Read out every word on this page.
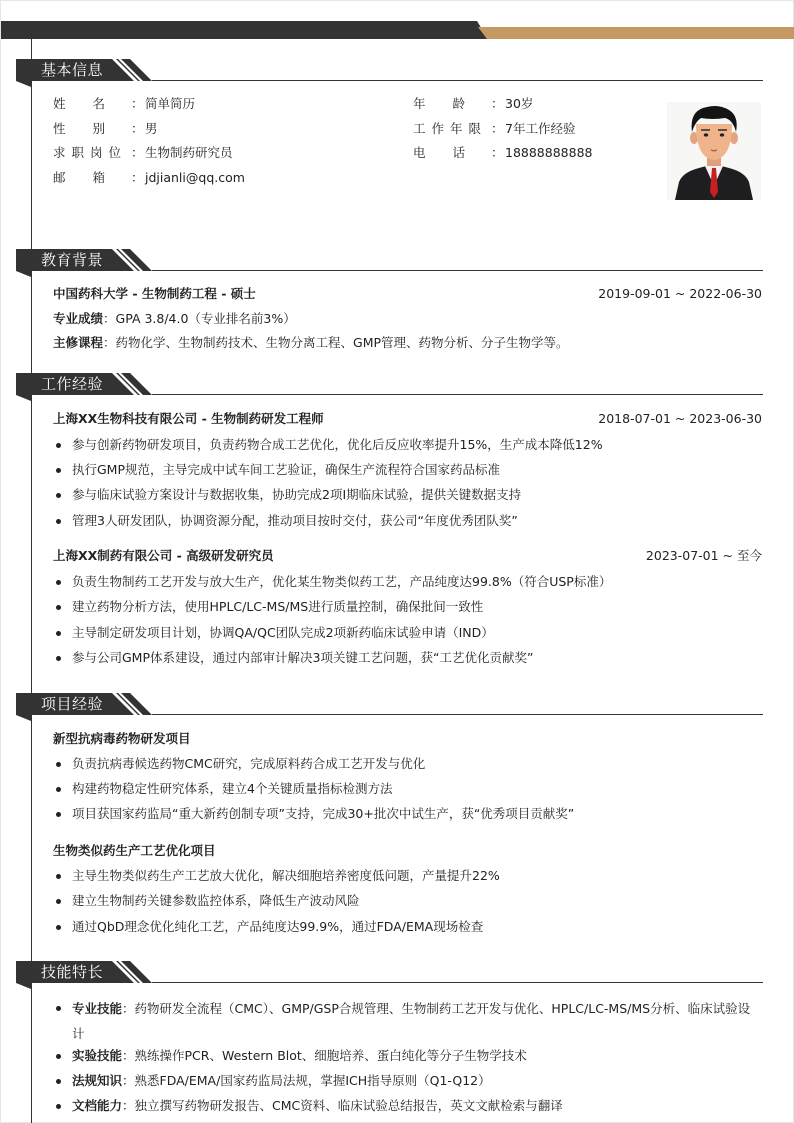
基本信息
姓 名	： 简单简历
性 别	： 男
求 职 岗 位 ： 生物制药研究员
邮 箱	： jdjianli@qq.com
年 龄	： 30岁
工 作 年 限 ： 7年工作经验
电 话	： 18888888888
教育背景
中国药科大学 - 生物制药工程 - 硕士	2019-09-01 ~ 2022-06-30
专业成绩：GPA 3.8/4.0（专业排名前3%）
主修课程：药物化学、生物制药技术、生物分离工程、GMP管理、药物分析、分子生物学等。
工作经验
上海XX生物科技有限公司 - 生物制药研发工程师	2018-07-01 ~ 2023-06-30
参与创新药物研发项目，负责药物合成工艺优化，优化后反应收率提升15%，生产成本降低12%
执行GMP规范，主导完成中试车间工艺验证，确保生产流程符合国家药品标准
参与临床试验方案设计与数据收集，协助完成2项I期临床试验，提供关键数据支持
管理3人研发团队，协调资源分配，推动项目按时交付，获公司“年度优秀团队奖”
上海XX制药有限公司 - 高级研发研究员	2023-07-01 ~ 至今
负责生物制药工艺开发与放大生产，优化某生物类似药工艺，产品纯度达99.8%（符合USP标准）
建立药物分析方法，使用HPLC/LC-MS/MS进行质量控制，确保批间一致性
主导制定研发项目计划，协调QA/QC团队完成2项新药临床试验申请（IND）
参与公司GMP体系建设，通过内部审计解决3项关键工艺问题，获“工艺优化贡献奖”
项目经验
新型抗病毒药物研发项目
负责抗病毒候选药物CMC研究，完成原料药合成工艺开发与优化
构建药物稳定性研究体系，建立4个关键质量指标检测方法
项目获国家药监局“重大新药创制专项”支持，完成30+批次中试生产，获“优秀项目贡献奖”
生物类似药生产工艺优化项目
主导生物类似药生产工艺放大优化，解决细胞培养密度低问题，产量提升22%
建立生物制药关键参数监控体系，降低生产波动风险
通过QbD理念优化纯化工艺，产品纯度达99.9%，通过FDA/EMA现场检查
技能特长
专业技能：药物研发全流程（CMC）、GMP/GSP合规管理、生物制药工艺开发与优化、HPLC/LC-MS/MS分析、临床试验设计
实验技能：熟练操作PCR、Western Blot、细胞培养、蛋白纯化等分子生物学技术
法规知识：熟悉FDA/EMA/国家药监局法规，掌握ICH指导原则（Q1-Q12）
文档能力：独立撰写药物研发报告、CMC资料、临床试验总结报告，英文文献检索与翻译
